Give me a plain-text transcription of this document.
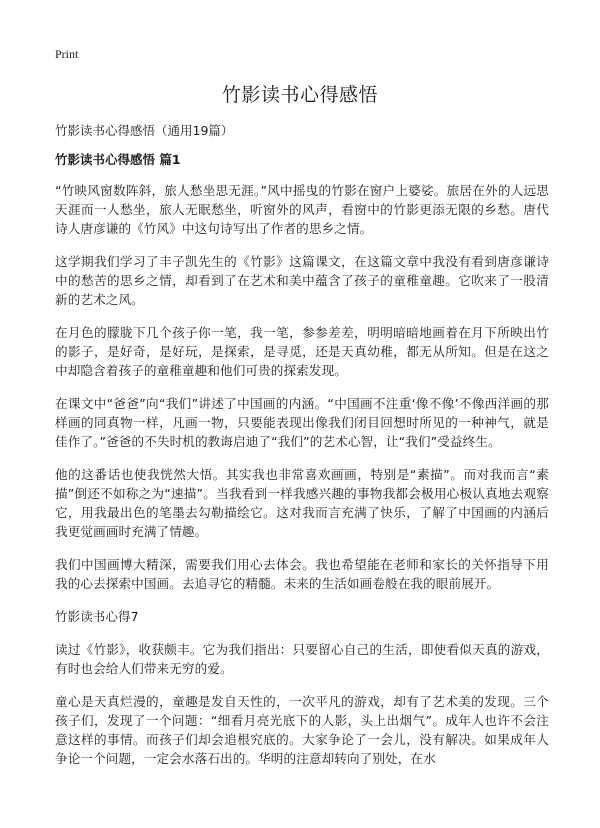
Print
竹影读书心得感悟

竹影读书心得感悟（通用19篇）

竹影读书心得感悟 篇1

“竹映风窗数阵斜，旅人愁坐思无涯。”风中摇曳的竹影在窗户上婆娑。旅居在外的人远思天涯而一人愁坐，旅人无眠愁坐，听窗外的风声，看窗中的竹影更添无限的乡愁。唐代诗人唐彦谦的《竹风》中这句诗写出了作者的思乡之情。

这学期我们学习了丰子凯先生的《竹影》这篇课文，在这篇文章中我没有看到唐彦谦诗中的愁苦的思乡之情，却看到了在艺术和美中蕴含了孩子的童稚童趣。它吹来了一股清新的艺术之风。

在月色的朦胧下几个孩子你一笔，我一笔，参参差差，明明暗暗地画着在月下所映出竹的影子，是好奇，是好玩，是探索，是寻觅，还是天真幼稚，都无从所知。但是在这之中却隐含着孩子的童稚童趣和他们可贵的探索发现。

在课文中“爸爸”向“我们”讲述了中国画的内涵。“中国画不注重‘像不像’不像西洋画的那样画的同真物一样，凡画一物，只要能表现出像我们闭目回想时所见的一种神气，就是佳作了。”爸爸的不失时机的教诲启迪了“我们”的艺术心智，让“我们”受益终生。

他的这番话也使我恍然大悟。其实我也非常喜欢画画，特别是“素描”。而对我而言“素描”倒还不如称之为“速描”。当我看到一样我感兴趣的事物我都会极用心极认真地去观察它，用我最出色的笔墨去勾勒描绘它。这对我而言充满了快乐，了解了中国画的内涵后我更觉画画时充满了情趣。

我们中国画博大精深，需要我们用心去体会。我也希望能在老师和家长的关怀指导下用我的心去探索中国画。去追寻它的精髓。未来的生活如画卷般在我的眼前展开。

竹影读书心得7

读过《竹影》，收获颇丰。它为我们指出：只要留心自己的生活，即使看似天真的游戏，有时也会给人们带来无穷的爱。

童心是天真烂漫的，童趣是发自天性的，一次平凡的游戏，却有了艺术美的发现。三个孩子们，发现了一个问题：“细看月亮光底下的人影，头上出烟气”。成年人也许不会注意这样的事情。而孩子们却会追根究底的。大家争论了一会儿，没有解决。如果成年人争论一个问题，一定会水落石出的。华明的注意却转向了别处，在水
